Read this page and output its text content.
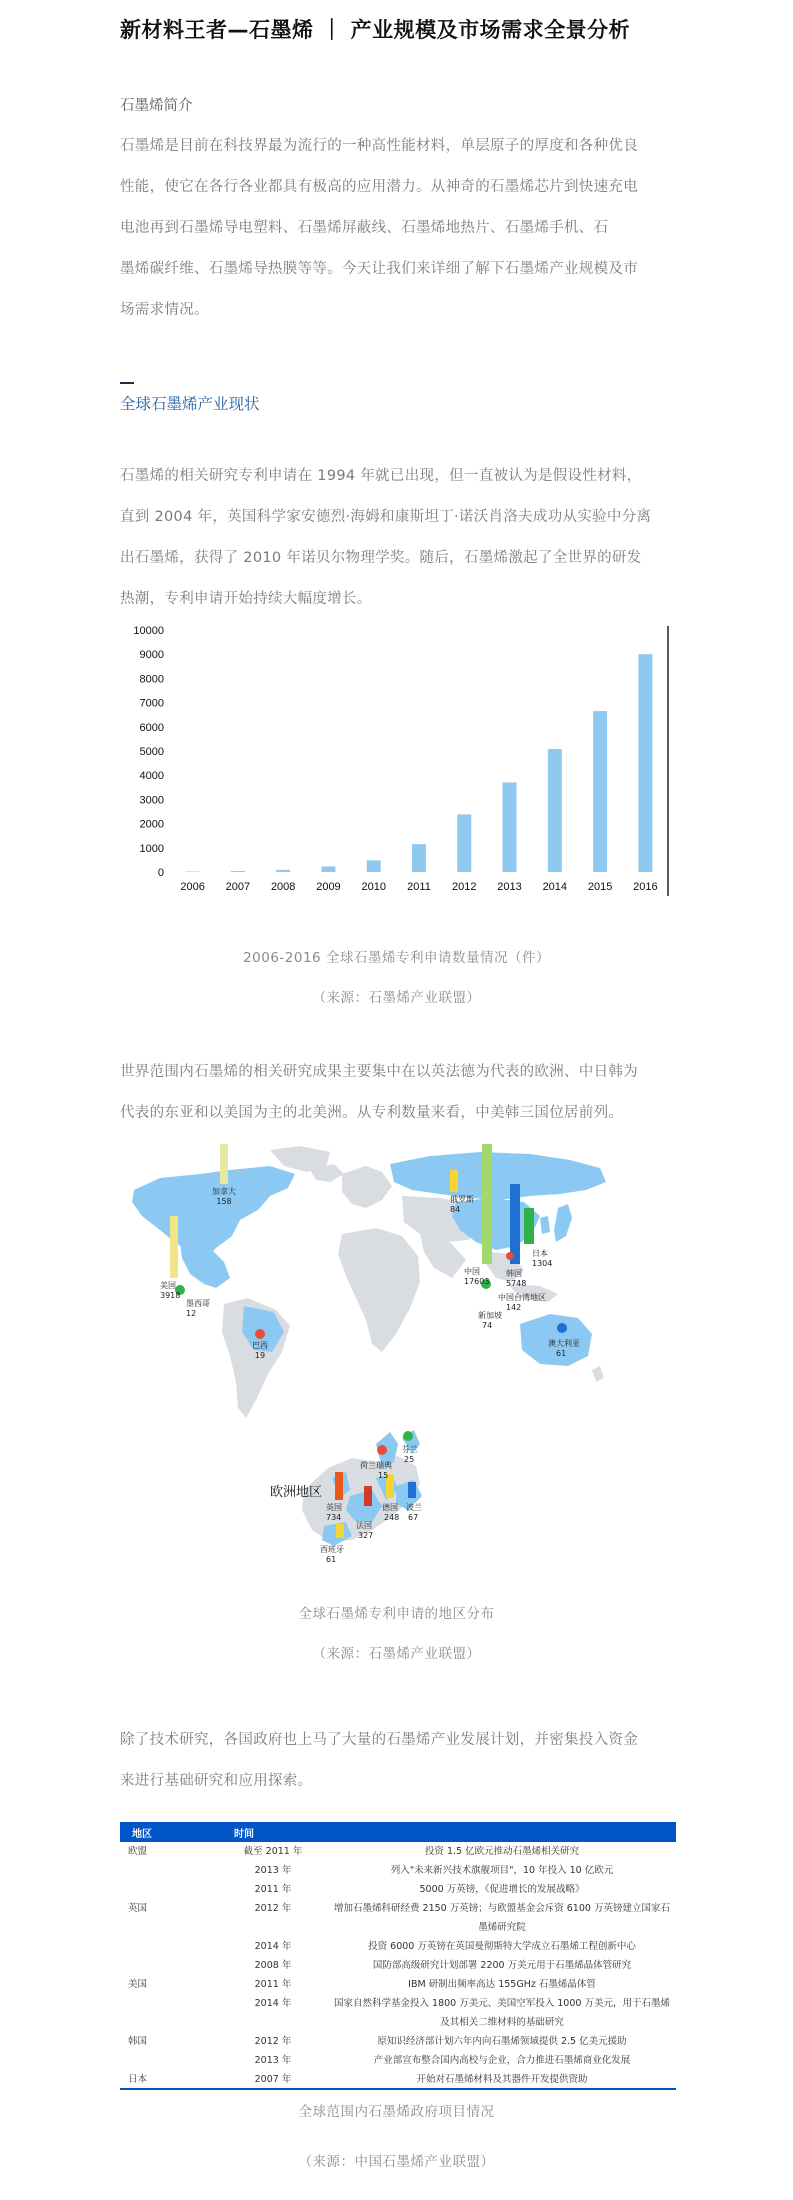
新材料王者—石墨烯 ｜ 产业规模及市场需求全景分析
石墨烯简介
石墨烯是目前在科技界最为流行的一种高性能材料，单层原子的厚度和各种优良
性能，使它在各行各业都具有极高的应用潜力。从神奇的石墨烯芯片到快速充电
电池再到石墨烯导电塑料、石墨烯屏蔽线、石墨烯地热片、石墨烯手机、石
墨烯碳纤维、石墨烯导热膜等等。今天让我们来详细了解下石墨烯产业规模及市
场需求情况。
全球石墨烯产业现状
石墨烯的相关研究专利申请在 1994 年就已出现，但一直被认为是假设性材料，
直到 2004 年，英国科学家安德烈·海姆和康斯坦丁·诺沃肖洛夫成功从实验中分离
出石墨烯，获得了 2010 年诺贝尔物理学奖。随后，石墨烯激起了全世界的研发
热潮，专利申请开始持续大幅度增长。
10000
9000
8000
7000
6000
5000
4000
3000
2000
1000
0
2006 2007 2008 2009 2010 2011 2012 2013 2014 2015 2016
2006-2016 全球石墨烯专利申请数量情况（件）
（来源：石墨烯产业联盟）
世界范围内石墨烯的相关研究成果主要集中在以英法德为代表的欧洲、中日韩为
代表的东亚和以美国为主的北美洲。从专利数量来看，中美韩三国位居前列。
加拿大
158
美国
3918
墨西哥
12
巴西
19
俄罗斯
84
中国
17603
韩国
5748
日本
1304
中国台湾地区
142
新加坡
74
澳大利亚
61
瑞典
15
芬兰
25
英国
734
荷兰
法国
327
德国
248
波兰
67
西班牙
61
欧洲地区
全球石墨烯专利申请的地区分布
（来源：石墨烯产业联盟）
除了技术研究，各国政府也上马了大量的石墨烯产业发展计划，并密集投入资金
来进行基础研究和应用探索。
地区	时间	
欧盟	截至 2011 年	投资 1.5 亿欧元推动石墨烯相关研究
	2013 年	列入"未来新兴技术旗舰项目"，10 年投入 10 亿欧元
	2011 年	5000 万英镑，《促进增长的发展战略》
英国	2012 年	增加石墨烯科研经费 2150 万英镑；与欧盟基金会斥资 6100 万英镑建立国家石
		墨烯研究院
	2014 年	投资 6000 万英镑在英国曼彻斯特大学成立石墨烯工程创新中心
	2008 年	国防部高级研究计划部署 2200 万美元用于石墨烯晶体管研究
美国	2011 年	IBM 研制出频率高达 155GHz 石墨烯晶体管
	2014 年	国家自然科学基金投入 1800 万美元、美国空军投入 1000 万美元，用于石墨烯
		及其相关二维材料的基础研究
韩国	2012 年	原知识经济部计划六年内向石墨烯领域提供 2.5 亿美元援助
	2013 年	产业部宣布整合国内高校与企业，合力推进石墨烯商业化发展
日本	2007 年	开始对石墨烯材料及其器件开发提供资助
全球范围内石墨烯政府项目情况
（来源：中国石墨烯产业联盟）
